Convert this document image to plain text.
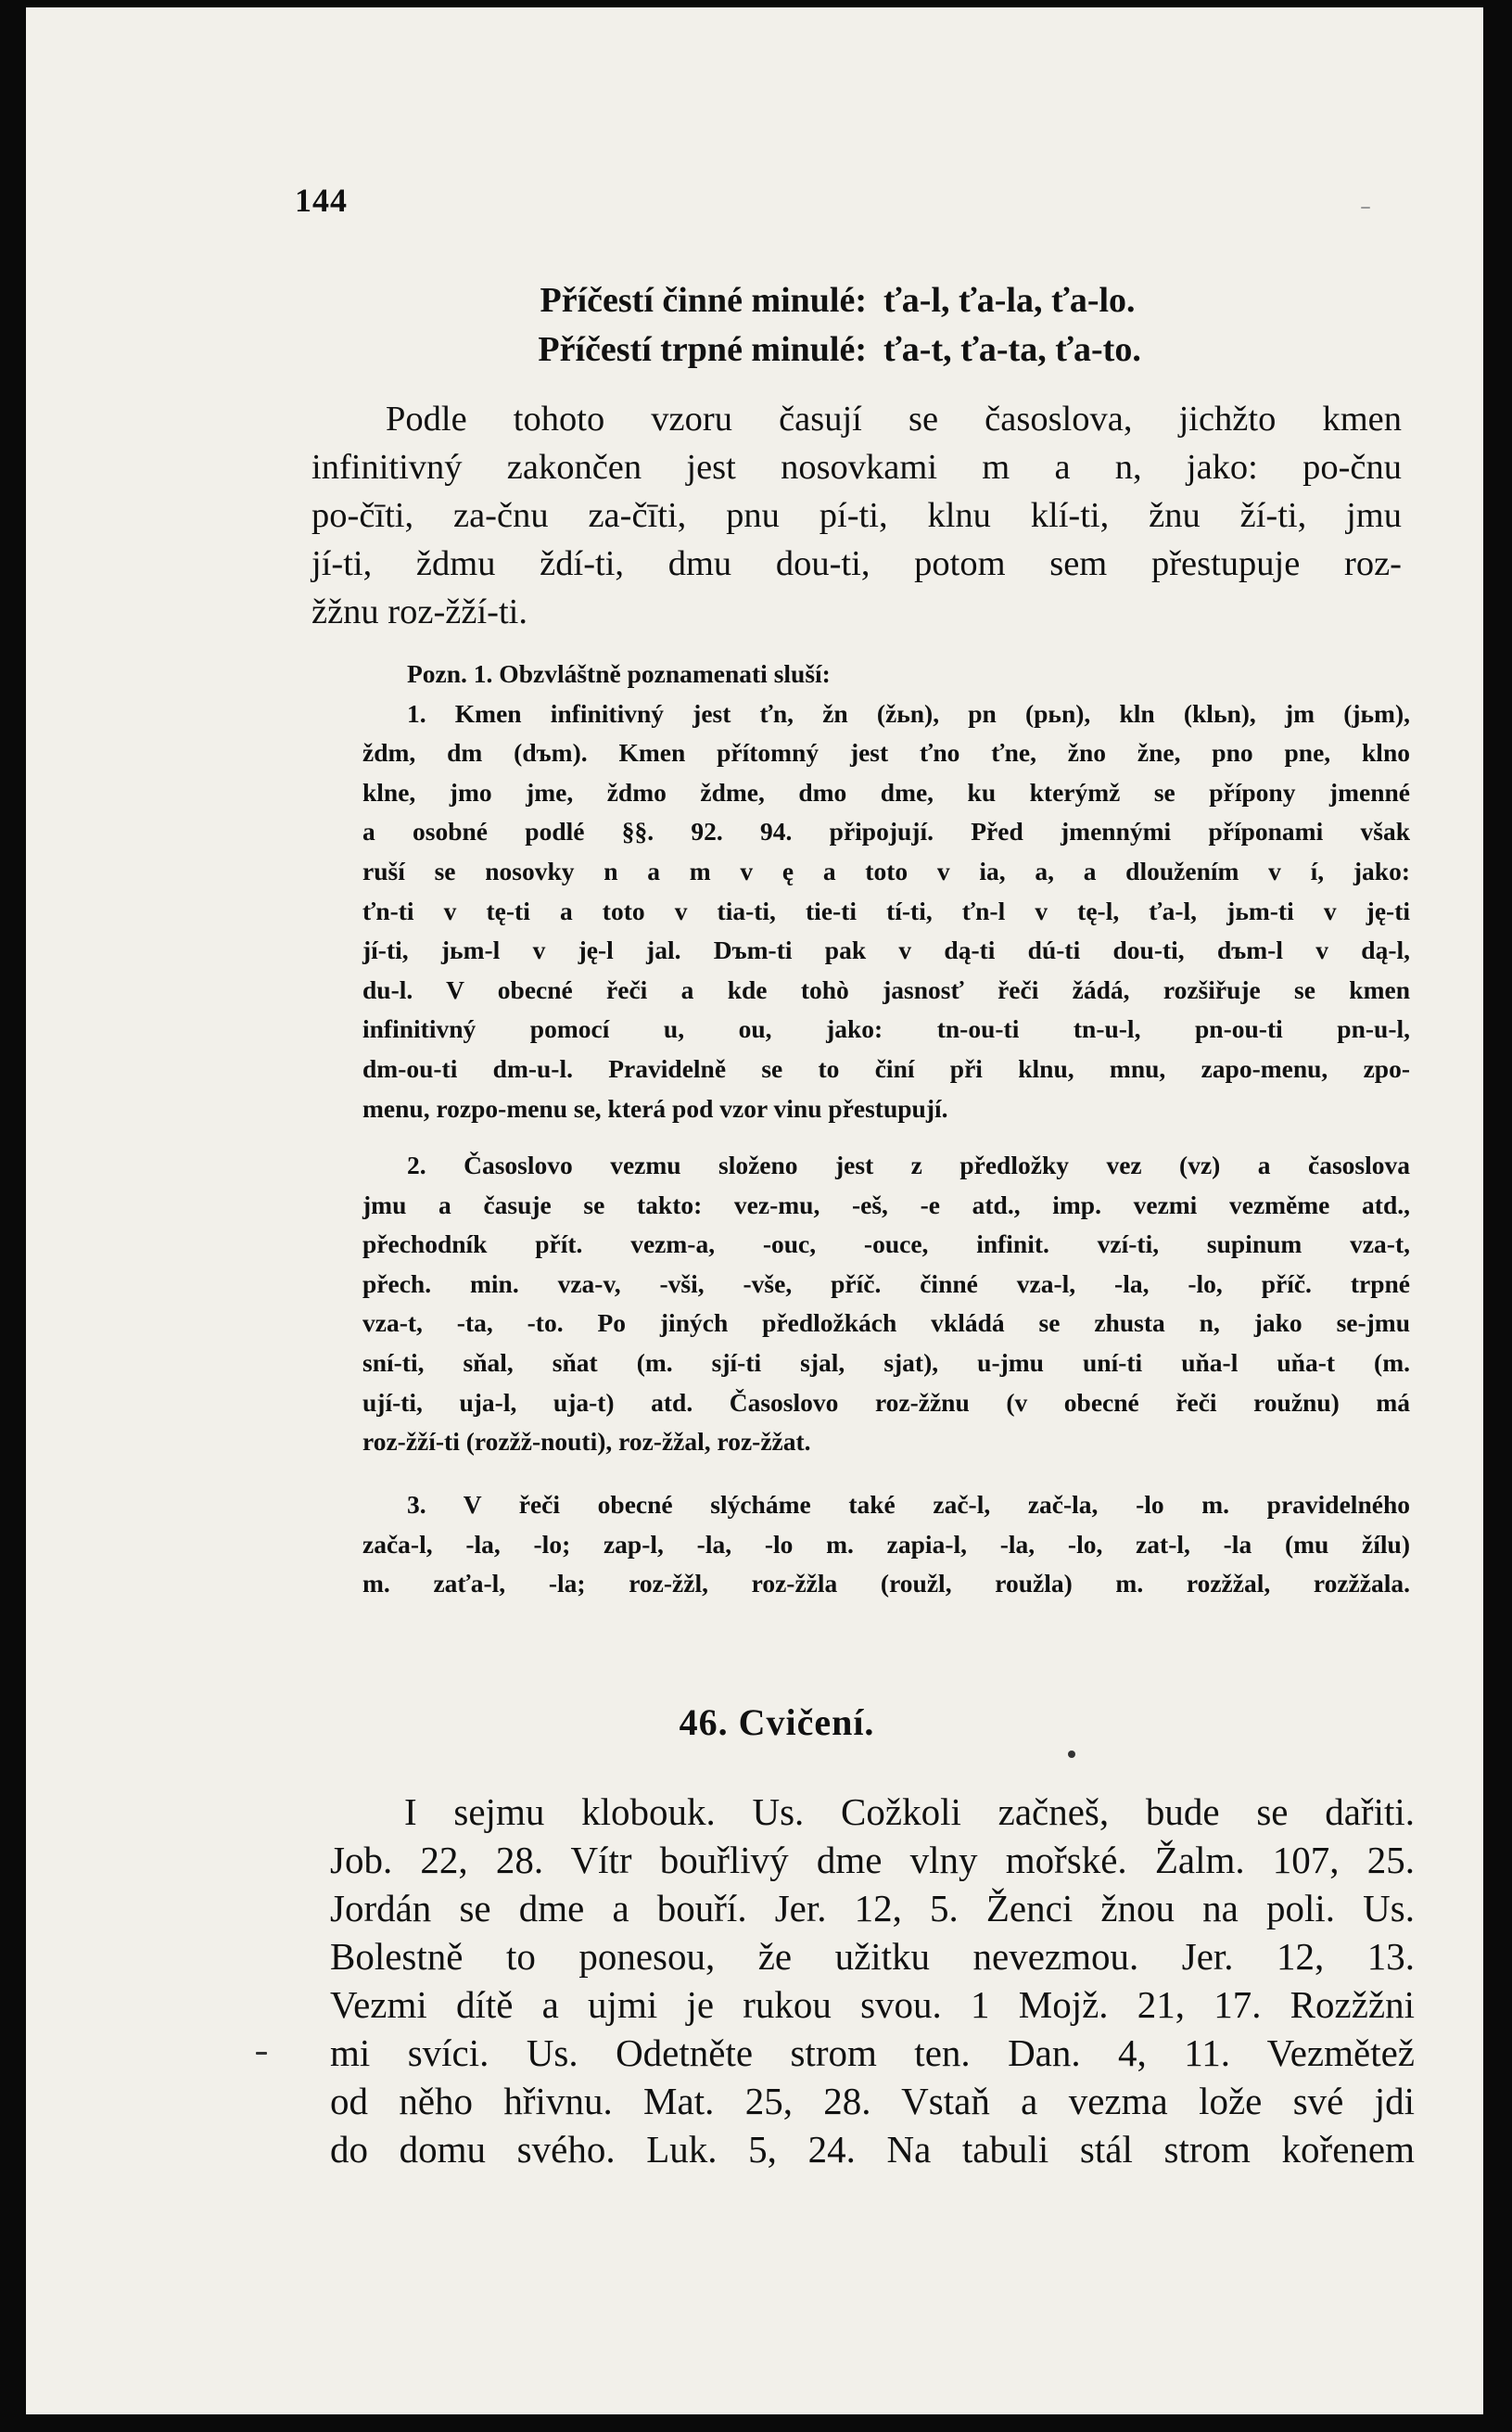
144
Příčestí činné minulé: ťa-l, ťa-la, ťa-lo.
Příčestí trpné minulé: ťa-t, ťa-ta, ťa-to.
Podle tohoto vzoru časují se časoslova, jichžto kmen
infinitivný zakončen jest nosovkami m a n, jako: po-čnu
po-čīti, za-čnu za-čīti, pnu pí-ti, klnu klí-ti, žnu ží-ti, jmu
jí-ti, ždmu ždí-ti, dmu dou-ti, potom sem přestupuje roz-
žžnu roz-žží-ti.
Pozn. 1. Obzvláštně poznamenati sluší:
1. Kmen infinitivný jest ťn, žn (žьn), pn (pьn), kln (klьn), jm (jьm),
ždm, dm (dъm). Kmen přítomný jest ťno ťne, žno žne, pno pne, klno
klne, jmo jme, ždmo ždme, dmo dme, ku kterýmž se přípony jmenné
a osobné podlé §§. 92. 94. připojují. Před jmennými příponami však
ruší se nosovky n a m v ę a toto v ia, a, a dloužením v í, jako:
ťn-ti v tę-ti a toto v tia-ti, tie-ti tí-ti, ťn-l v tę-l, ťa-l, jьm-ti v ję-ti
jí-ti, jьm-l v ję-l jal. Dъm-ti pak v dą-ti dú-ti dou-ti, dъm-l v dą-l,
du-l. V obecné řeči a kde tohò jasnosť řeči žádá, rozšiřuje se kmen
infinitivný pomocí u, ou, jako: tn-ou-ti tn-u-l, pn-ou-ti pn-u-l,
dm-ou-ti dm-u-l. Pravidelně se to činí při klnu, mnu, zapo-menu, zpo-
menu, rozpo-menu se, která pod vzor vinu přestupují.
2. Časoslovo vezmu složeno jest z předložky vez (vz) a časoslova
jmu a časuje se takto: vez-mu, -eš, -e atd., imp. vezmi vezměme atd.,
přechodník přít. vezm-a, -ouc, -ouce, infinit. vzí-ti, supinum vza-t,
přech. min. vza-v, -vši, -vše, příč. činné vza-l, -la, -lo, příč. trpné
vza-t, -ta, -to. Po jiných předložkách vkládá se zhusta n, jako se-jmu
sní-ti, sňal, sňat (m. sjí-ti sjal, sjat), u-jmu uní-ti uňa-l uňa-t (m.
ují-ti, uja-l, uja-t) atd. Časoslovo roz-žžnu (v obecné řeči roužnu) má
roz-žží-ti (rozžž-nouti), roz-žžal, roz-žžat.
3. V řeči obecné slýcháme také zač-l, zač-la, -lo m. pravidelného
zača-l, -la, -lo; zap-l, -la, -lo m. zapia-l, -la, -lo, zat-l, -la (mu žílu)
m. zaťa-l, -la; roz-žžl, roz-žžla (roužl, roužla) m. rozžžal, rozžžala.
46. Cvičení.
I sejmu klobouk. Us. Cožkoli začneš, bude se dařiti.
Job. 22, 28. Vítr bouřlivý dme vlny mořské. Žalm. 107, 25.
Jordán se dme a bouří. Jer. 12, 5. Ženci žnou na poli. Us.
Bolestně to ponesou, že užitku nevezmou. Jer. 12, 13.
Vezmi dítě a ujmi je rukou svou. 1 Mojž. 21, 17. Rozžžni
mi svíci. Us. Odetněte strom ten. Dan. 4, 11. Vezmětež
od něho hřivnu. Mat. 25, 28. Vstaň a vezma lože své jdi
do domu svého. Luk. 5, 24. Na tabuli stál strom kořenem
